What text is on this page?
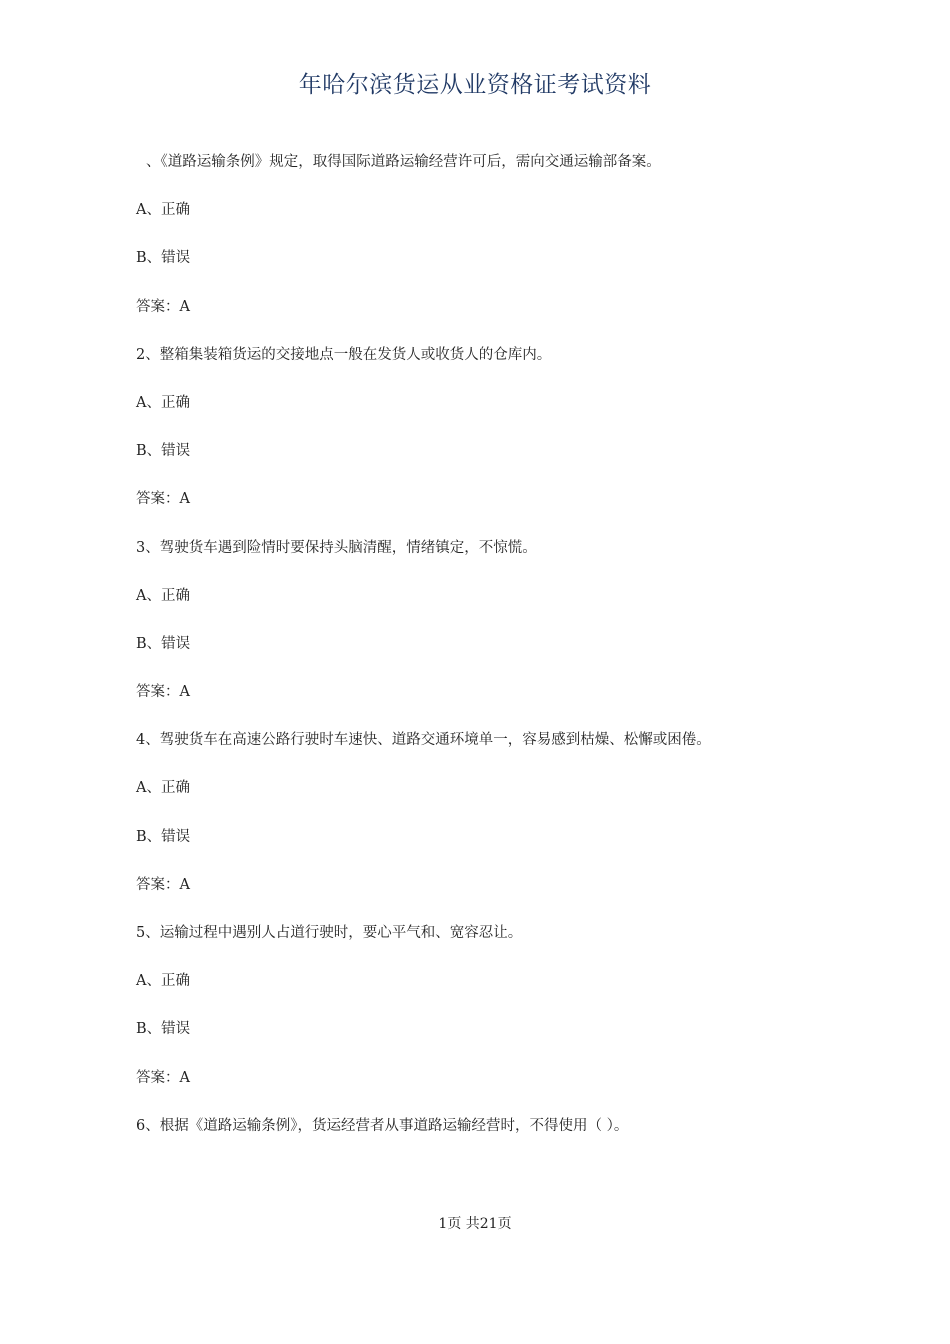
年哈尔滨货运从业资格证考试资料
、《道路运输条例》规定，取得国际道路运输经营许可后，需向交通运输部备案。
A、正确
B、错误
答案：A
2、整箱集装箱货运的交接地点一般在发货人或收货人的仓库内。
A、正确
B、错误
答案：A
3、驾驶货车遇到险情时要保持头脑清醒，情绪镇定，不惊慌。
A、正确
B、错误
答案：A
4、驾驶货车在高速公路行驶时车速快、道路交通环境单一，容易感到枯燥、松懈或困倦。
A、正确
B、错误
答案：A
5、运输过程中遇别人占道行驶时，要心平气和、宽容忍让。
A、正确
B、错误
答案：A
6、根据《道路运输条例》，货运经营者从事道路运输经营时，不得使用（ ）。
1页 共21页
